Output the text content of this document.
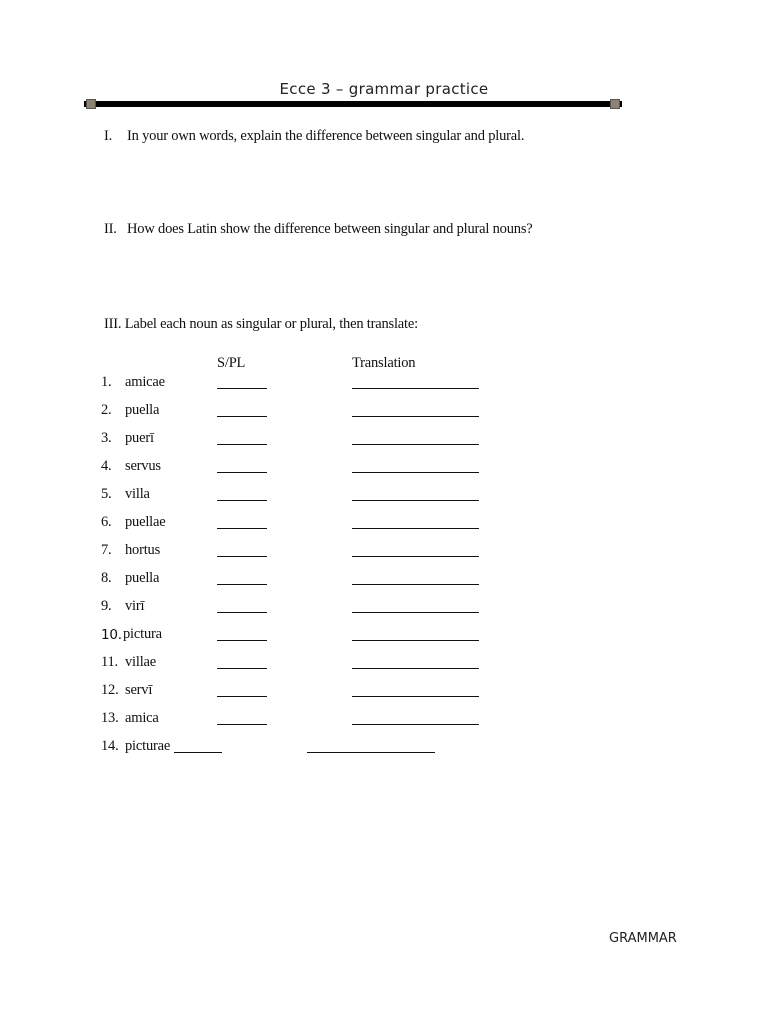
Ecce 3 – grammar practice
I. In your own words, explain the difference between singular and plural.
II. How does Latin show the difference between singular and plural nouns?
III. Label each noun as singular or plural, then translate:
S/PL	Translation
1. amicae
2. puella
3. puerī
4. servus
5. villa
6. puellae
7. hortus
8. puella
9. virī
10. pictura
11. villae
12. servī
13. amica
14. picturae
GRAMMAR
